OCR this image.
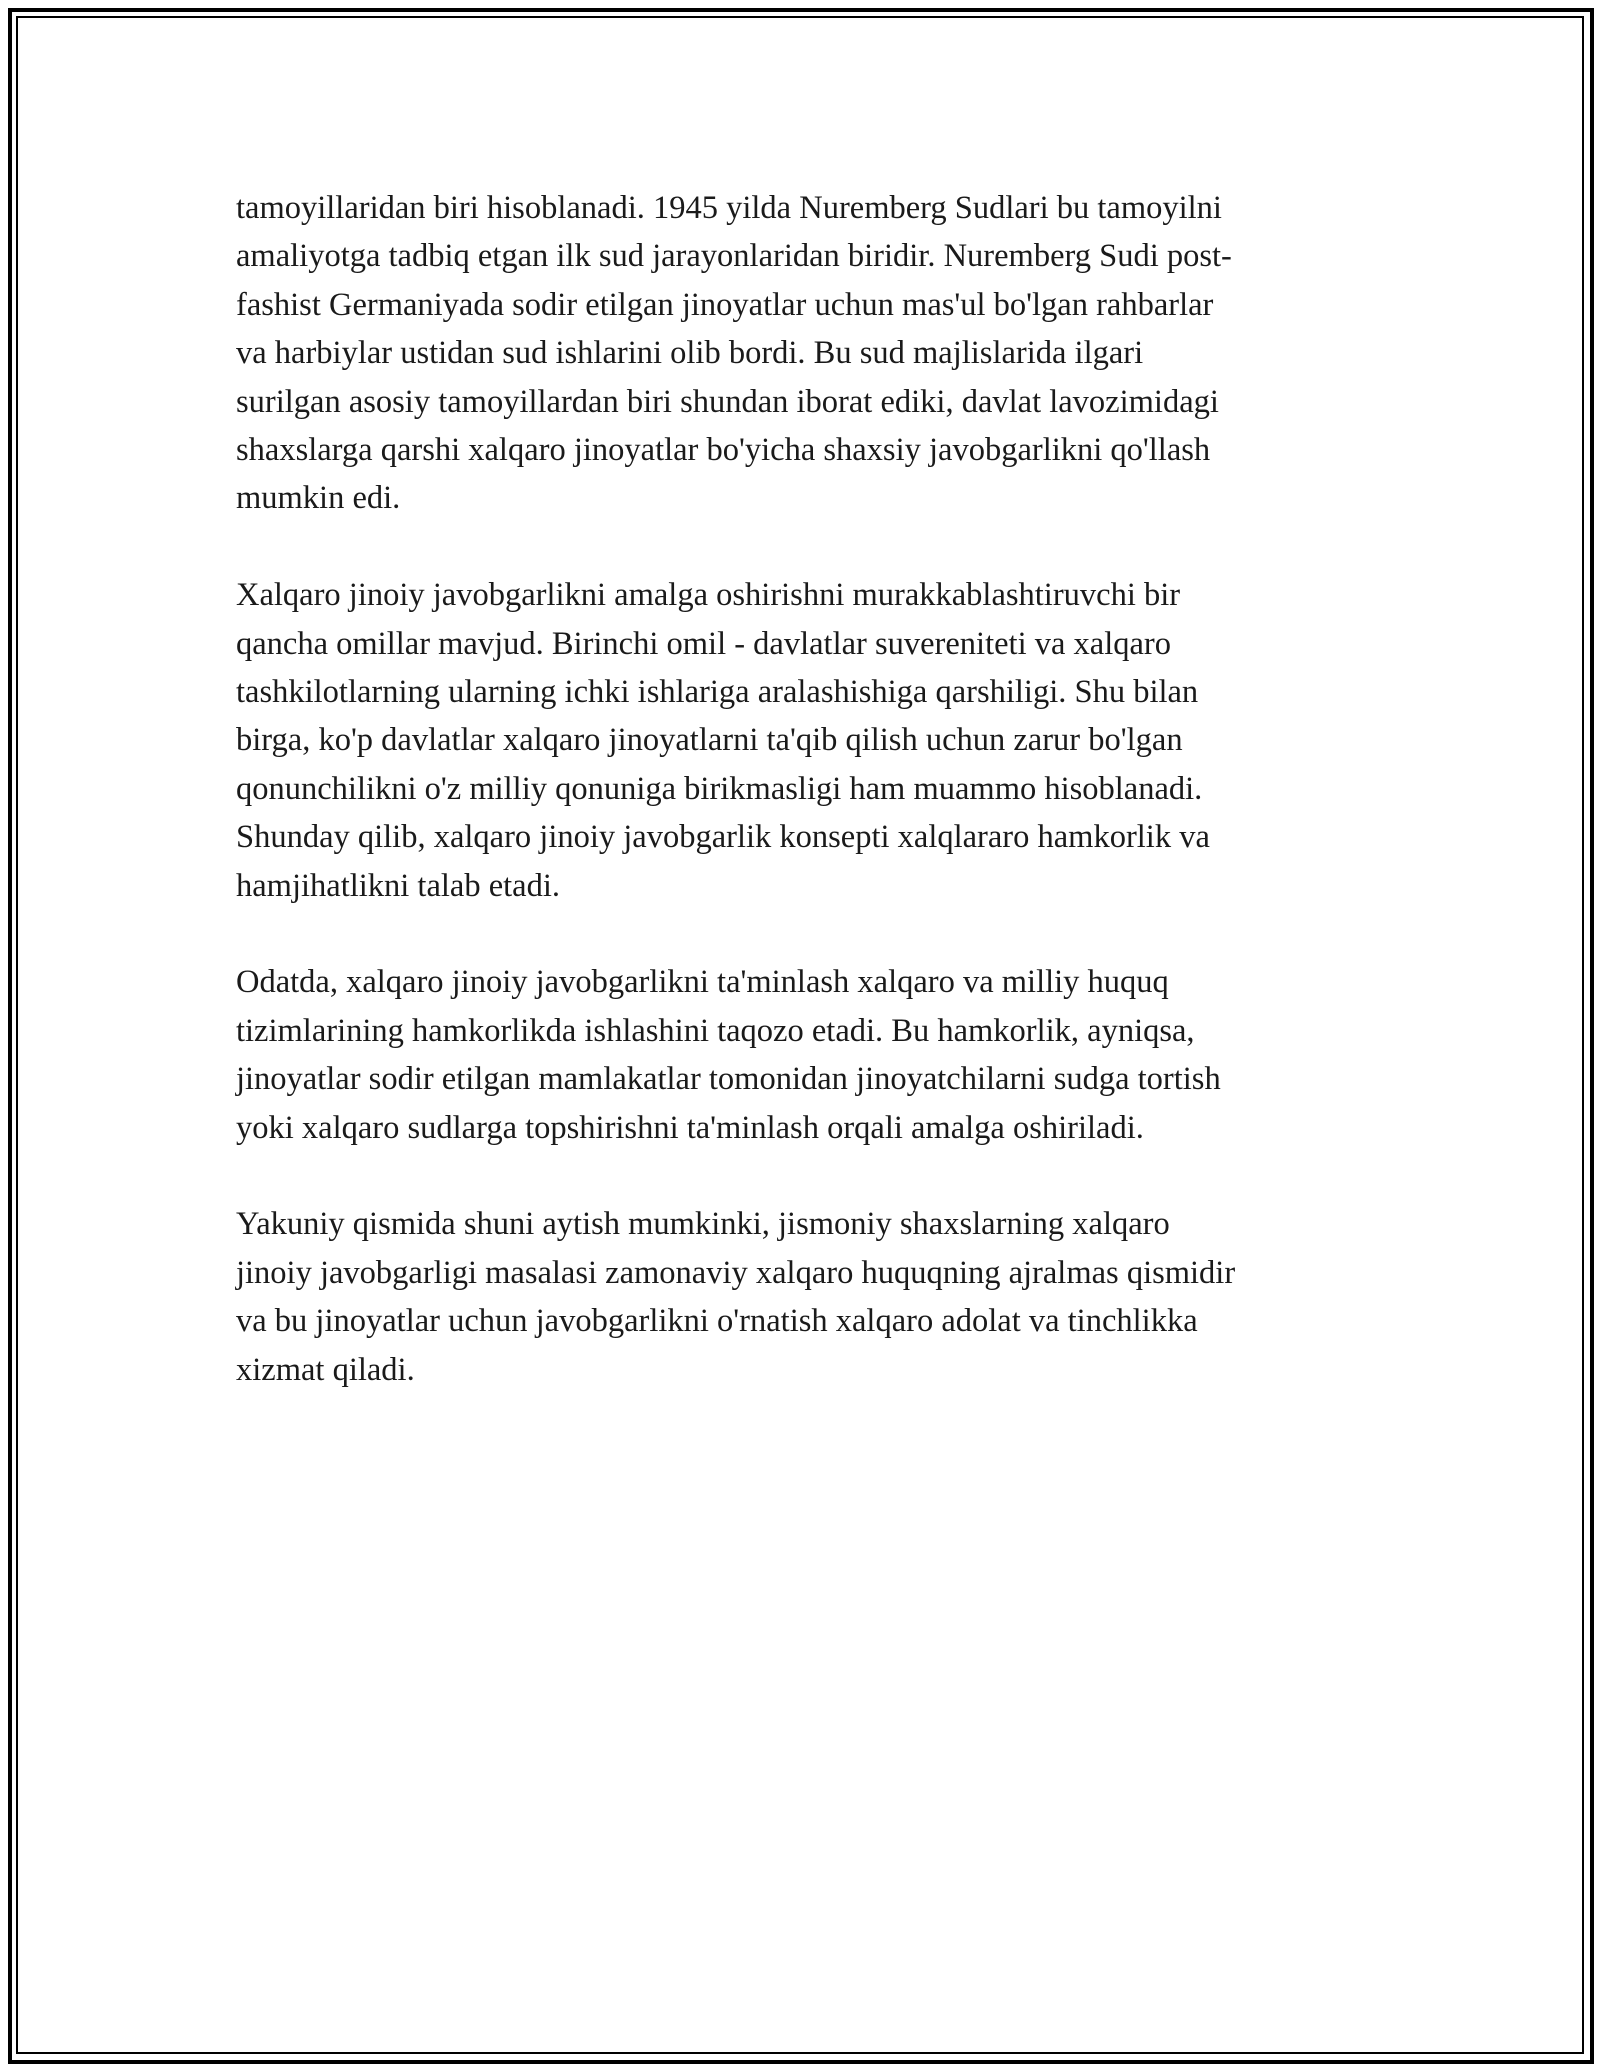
tamoyillaridan biri hisoblanadi. 1945 yilda Nuremberg Sudlari bu tamoyilni
amaliyotga tadbiq etgan ilk sud jarayonlaridan biridir. Nuremberg Sudi post-
fashist Germaniyada sodir etilgan jinoyatlar uchun mas'ul bo'lgan rahbarlar
va harbiylar ustidan sud ishlarini olib bordi. Bu sud majlislarida ilgari
surilgan asosiy tamoyillardan biri shundan iborat ediki, davlat lavozimidagi
shaxslarga qarshi xalqaro jinoyatlar bo'yicha shaxsiy javobgarlikni qo'llash
mumkin edi.

Xalqaro jinoiy javobgarlikni amalga oshirishni murakkablashtiruvchi bir
qancha omillar mavjud. Birinchi omil - davlatlar suvereniteti va xalqaro
tashkilotlarning ularning ichki ishlariga aralashishiga qarshiligi. Shu bilan
birga, ko'p davlatlar xalqaro jinoyatlarni ta'qib qilish uchun zarur bo'lgan
qonunchilikni o'z milliy qonuniga birikmasligi ham muammo hisoblanadi.
Shunday qilib, xalqaro jinoiy javobgarlik konsepti xalqlararo hamkorlik va
hamjihatlikni talab etadi.

Odatda, xalqaro jinoiy javobgarlikni ta'minlash xalqaro va milliy huquq
tizimlarining hamkorlikda ishlashini taqozo etadi. Bu hamkorlik, ayniqsa,
jinoyatlar sodir etilgan mamlakatlar tomonidan jinoyatchilarni sudga tortish
yoki xalqaro sudlarga topshirishni ta'minlash orqali amalga oshiriladi.

Yakuniy qismida shuni aytish mumkinki, jismoniy shaxslarning xalqaro
jinoiy javobgarligi masalasi zamonaviy xalqaro huquqning ajralmas qismidir
va bu jinoyatlar uchun javobgarlikni o'rnatish xalqaro adolat va tinchlikka
xizmat qiladi.
